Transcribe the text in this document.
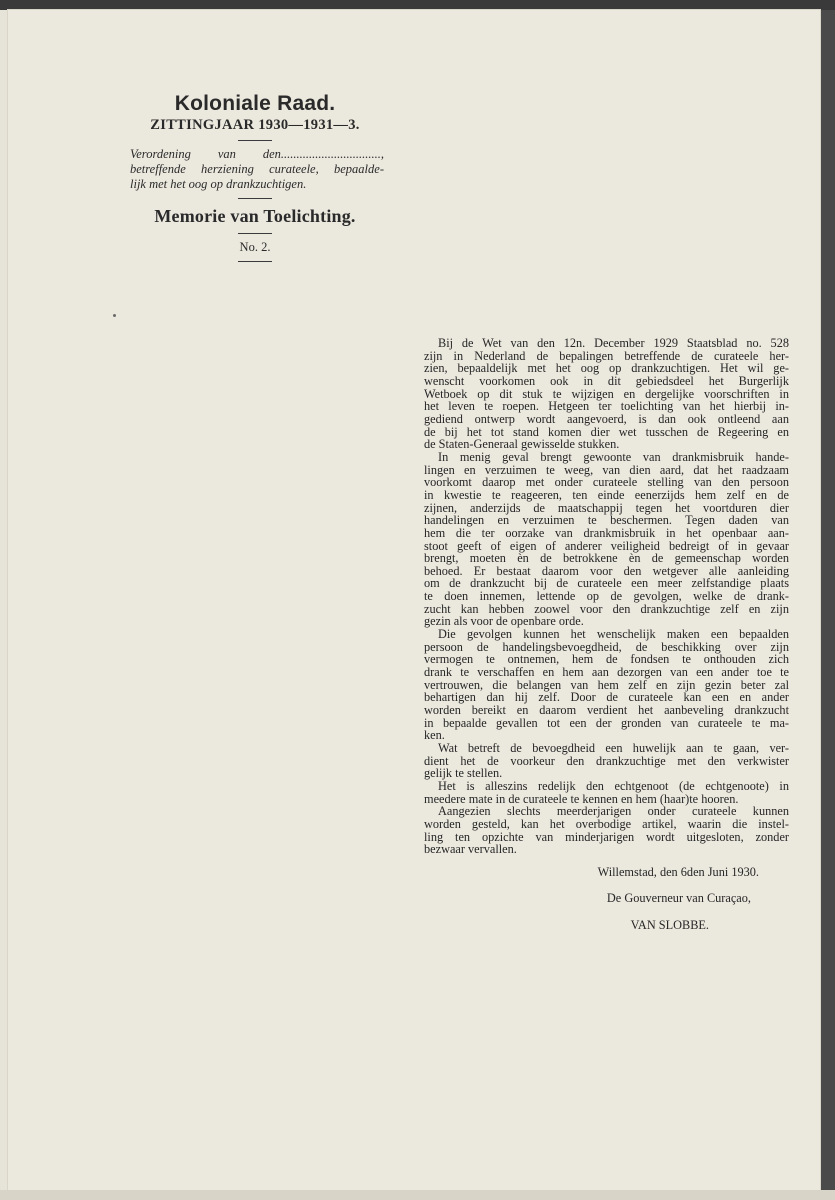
Koloniale Raad.

ZITTINGJAAR 1930—1931—3.

Verordening van den................................,
betreffende herziening curateele, bepaalde-
lijk met het oog op drankzuchtigen.

Memorie van Toelichting.

No. 2.

Bij de Wet van den 12n. December 1929 Staatsblad no. 528
zijn in Nederland de bepalingen betreffende de curateele her-
zien, bepaaldelijk met het oog op drankzuchtigen. Het wil ge-
wenscht voorkomen ook in dit gebiedsdeel het Burgerlijk
Wetboek op dit stuk te wijzigen en dergelijke voorschriften in
het leven te roepen. Hetgeen ter toelichting van het hierbij in-
gediend ontwerp wordt aangevoerd, is dan ook ontleend aan
de bij het tot stand komen dier wet tusschen de Regeering en
de Staten-Generaal gewisselde stukken.
In menig geval brengt gewoonte van drankmisbruik hande-
lingen en verzuimen te weeg, van dien aard, dat het raadzaam
voorkomt daarop met onder curateele stelling van den persoon
in kwestie te reageeren, ten einde eenerzijds hem zelf en de
zijnen, anderzijds de maatschappij tegen het voortduren dier
handelingen en verzuimen te beschermen. Tegen daden van
hem die ter oorzake van drankmisbruik in het openbaar aan-
stoot geeft of eigen of anderer veiligheid bedreigt of in gevaar
brengt, moeten èn de betrokkene èn de gemeenschap worden
behoed. Er bestaat daarom voor den wetgever alle aanleiding
om de drankzucht bij de curateele een meer zelfstandige plaats
te doen innemen, lettende op de gevolgen, welke de drank-
zucht kan hebben zoowel voor den drankzuchtige zelf en zijn
gezin als voor de openbare orde.
Die gevolgen kunnen het wenschelijk maken een bepaalden
persoon de handelingsbevoegdheid, de beschikking over zijn
vermogen te ontnemen, hem de fondsen te onthouden zich
drank te verschaffen en hem aan dezorgen van een ander toe te
vertrouwen, die belangen van hem zelf en zijn gezin beter zal
behartigen dan hij zelf. Door de curateele kan een en ander
worden bereikt en daarom verdient het aanbeveling drankzucht
in bepaalde gevallen tot een der gronden van curateele te ma-
ken.
Wat betreft de bevoegdheid een huwelijk aan te gaan, ver-
dient het de voorkeur den drankzuchtige met den verkwister
gelijk te stellen.
Het is alleszins redelijk den echtgenoot (de echtgenoote) in
meedere mate in de curateele te kennen en hem (haar)te hooren.
Aangezien slechts meerderjarigen onder curateele kunnen
worden gesteld, kan het overbodige artikel, waarin die instel-
ling ten opzichte van minderjarigen wordt uitgesloten, zonder
bezwaar vervallen.
Willemstad, den 6den Juni 1930.
De Gouverneur van Curaçao,
VAN SLOBBE.
